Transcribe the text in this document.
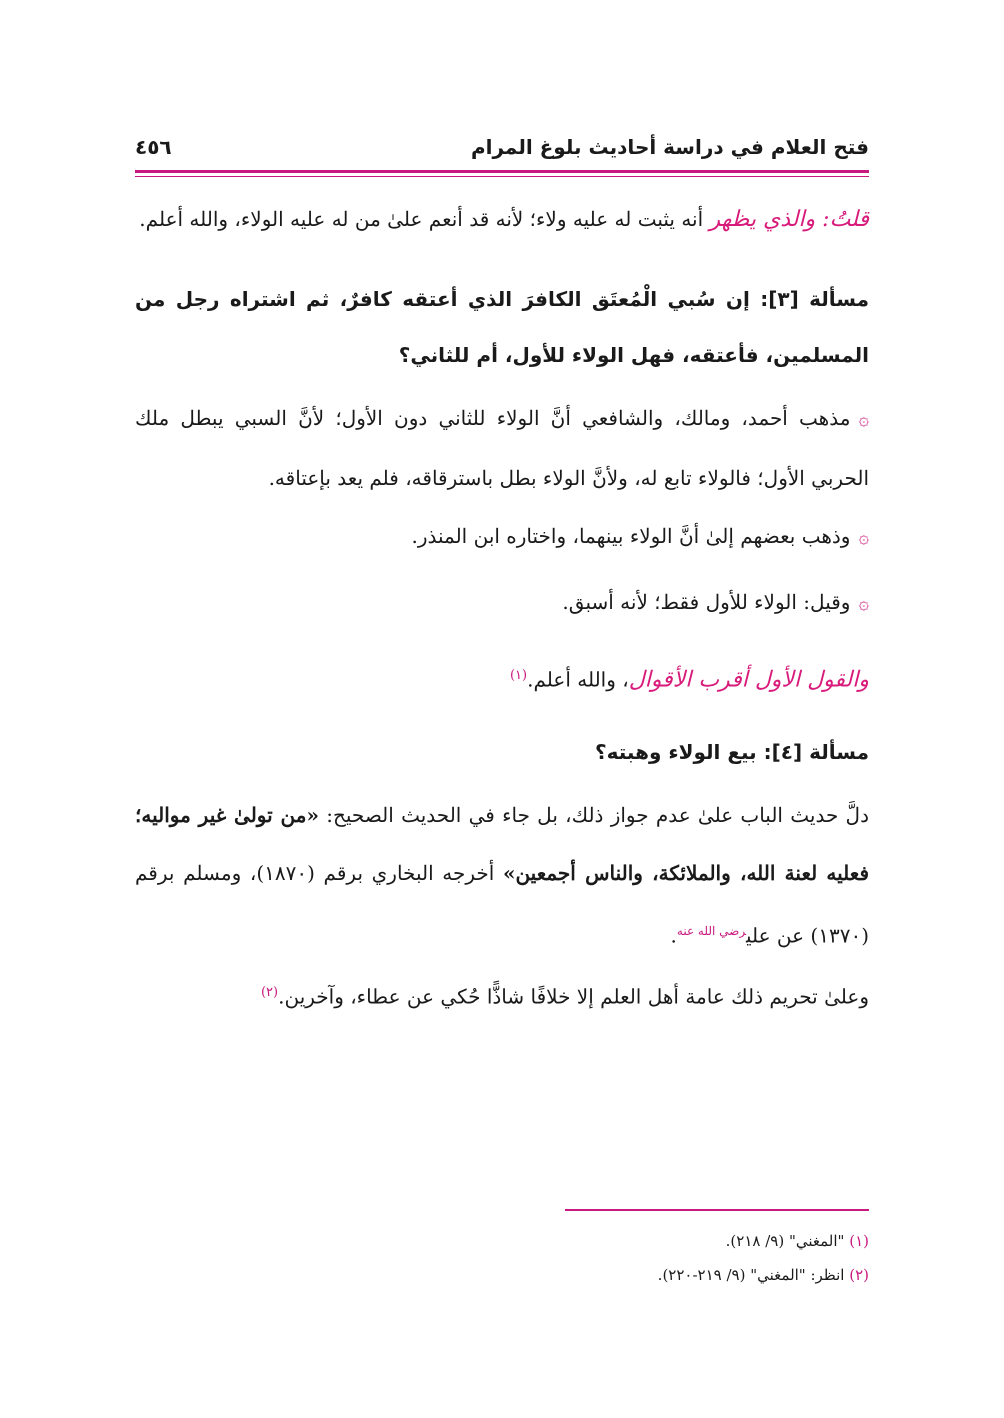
٤٥٦	فتح العلام في دراسة أحاديث بلوغ المرام

قلتُ: والذي يظهر أنه يثبت له عليه ولاء؛ لأنه قد أنعم علىٰ من له عليه الولاء، والله أعلم.

مسألة [٣]: إن سُبي الْمُعتَق الكافرَ الذي أعتقه كافرٌ، ثم اشتراه رجل من المسلمين، فأعتقه، فهل الولاء للأول، أم للثاني؟

۞مذهب أحمد، ومالك، والشافعي أنَّ الولاء للثاني دون الأول؛ لأنَّ السبي يبطل ملك الحربي الأول؛ فالولاء تابع له، ولأنَّ الولاء بطل باسترقاقه، فلم يعد بإعتاقه.

۞وذهب بعضهم إلىٰ أنَّ الولاء بينهما، واختاره ابن المنذر.

۞وقيل: الولاء للأول فقط؛ لأنه أسبق.

والقول الأول أقرب الأقوال، والله أعلم.$^{(١)}$

مسألة [٤]: بيع الولاء وهبته؟

دلَّ حديث الباب علىٰ عدم جواز ذلك، بل جاء في الحديث الصحيح: «من تولىٰ غير مواليه؛ فعليه لعنة الله، والملائكة، والناس أجمعين» أخرجه البخاري برقم (١٨٧٠)، ومسلم برقم (١٣٧٠) عن علي$^{رضي الله عنه}$.

وعلىٰ تحريم ذلك عامة أهل العلم إلا خلافًا شاذًّا حُكي عن عطاء، وآخرين.$^{(٢)}$

(١) "المغني" (٩/ ٢١٨).

(٢) انظر: "المغني" (٩/ ٢١٩-٢٢٠).
